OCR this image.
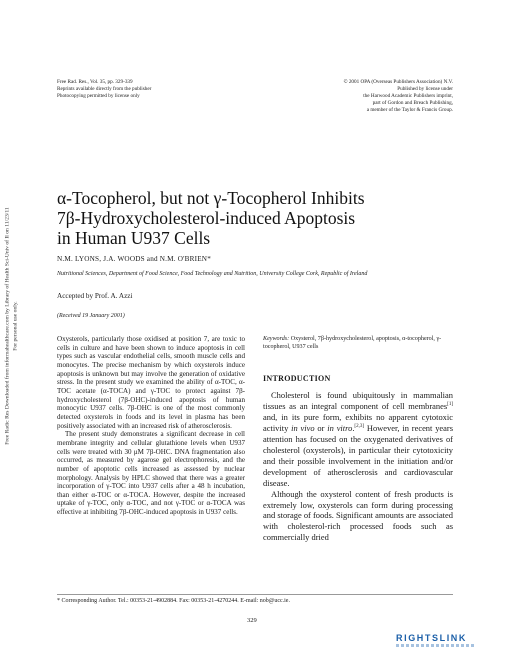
Free Rad. Res., Vol. 35, pp. 329-339
Reprints available directly from the publisher
Photocopying permitted by license only
© 2001 OPA (Overseas Publishers Association) N.V.
Published by license under
the Harwood Academic Publishers imprint,
part of Gordon and Breach Publishing,
a member of the Taylor & Francis Group.
Free Radic Res Downloaded from informahealthcare.com by Library of Health Sci-Univ of Il on 11/23/11 For personal use only.
α-Tocopherol, but not γ-Tocopherol Inhibits
7β-Hydroxycholesterol-induced Apoptosis
in Human U937 Cells
N.M. LYONS, J.A. WOODS and N.M. O'BRIEN*
Nutritional Sciences, Department of Food Science, Food Technology and Nutrition, University College Cork, Republic of Ireland
Accepted by Prof. A. Azzi
(Received 19 January 2001)

Oxysterols, particularly those oxidised at position 7, are toxic to cells in culture and have been shown to induce apoptosis in cell types such as vascular endothelial cells, smooth muscle cells and monocytes. The precise mechanism by which oxysterols induce apoptosis is unknown but may involve the generation of oxidative stress. In the present study we examined the ability of α-TOC, α-TOC acetate (α-TOCA) and γ-TOC to protect against 7β-hydroxycholesterol (7β-OHC)-induced apoptosis of human monocytic U937 cells. 7β-OHC is one of the most commonly detected oxysterols in foods and its level in plasma has been positively associated with an increased risk of atherosclerosis.

The present study demonstrates a significant decrease in cell membrane integrity and cellular glutathione levels when U937 cells were treated with 30 μM 7β-OHC. DNA fragmentation also occurred, as measured by agarose gel electrophoresis, and the number of apoptotic cells increased as assessed by nuclear morphology. Analysis by HPLC showed that there was a greater incorporation of γ-TOC into U937 cells after a 48 h incubation, than either α-TOC or α-TOCA. However, despite the increased uptake of γ-TOC, only α-TOC, and not γ-TOC or α-TOCA was effective at inhibiting 7β-OHC-induced apoptosis in U937 cells.

Keywords: Oxysterol, 7β-hydroxycholesterol, apoptosis, α-tocopherol, γ-tocopherol, U937 cells
INTRODUCTION

Cholesterol is found ubiquitously in mammalian tissues as an integral component of cell membranes[1] and, in its pure form, exhibits no apparent cytotoxic activity in vivo or in vitro.[2,3] However, in recent years attention has focused on the oxygenated derivatives of cholesterol (oxysterols), in particular their cytotoxicity and their possible involvement in the initiation and/or development of atherosclerosis and cardiovascular disease.

Although the oxysterol content of fresh products is extremely low, oxysterols can form during processing and storage of foods. Significant amounts are associated with cholesterol-rich processed foods such as commercially dried

* Corresponding Author. Tel.: 00353-21-4902884. Fax: 00353-21-4270244. E-mail: nob@ucc.ie.
329
RIGHTSLINK
